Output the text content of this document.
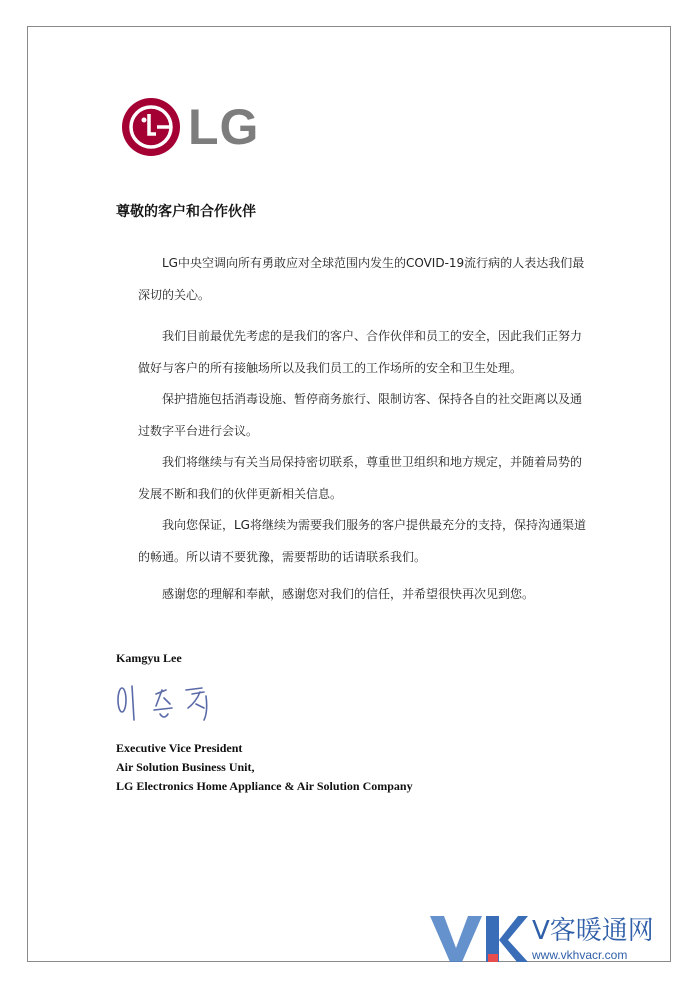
LG
尊敬的客户和合作伙伴

LG中央空调向所有勇敢应对全球范围内发生的COVID-19流行病的人表达我们最深切的关心。

我们目前最优先考虑的是我们的客户、合作伙伴和员工的安全，因此我们正努力做好与客户的所有接触场所以及我们员工的工作场所的安全和卫生处理。

保护措施包括消毒设施、暂停商务旅行、限制访客、保持各自的社交距离以及通过数字平台进行会议。

我们将继续与有关当局保持密切联系，尊重世卫组织和地方规定，并随着局势的发展不断和我们的伙伴更新相关信息。

我向您保证，LG将继续为需要我们服务的客户提供最充分的支持，保持沟通渠道的畅通。所以请不要犹豫，需要帮助的话请联系我们。

感谢您的理解和奉献，感谢您对我们的信任，并希望很快再次见到您。

Kamgyu Lee
Executive Vice President
Air Solution Business Unit,
LG Electronics Home Appliance & Air Solution Company
V客暖通网
www.vkhvacr.com
